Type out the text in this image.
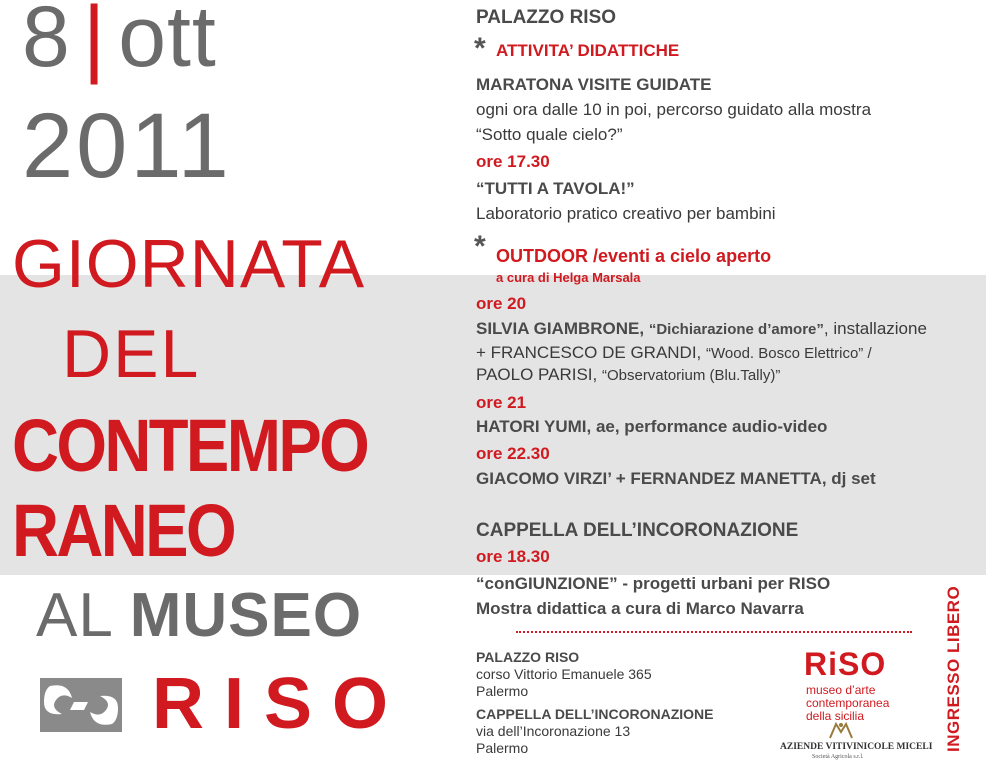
8 | ott
2011
GIORNATA
DEL
CONTEMPO
RANEO
AL MUSEO
RISO
PALAZZO RISO
* ATTIVITA’ DIDATTICHE
MARATONA VISITE GUIDATE
ogni ora dalle 10 in poi, percorso guidato alla mostra
“Sotto quale cielo?”
ore 17.30
“TUTTI A TAVOLA!”
Laboratorio pratico creativo per bambini
* OUTDOOR /eventi a cielo aperto
a cura di Helga Marsala
ore 20
SILVIA GIAMBRONE, “Dichiarazione d’amore”, installazione
+ FRANCESCO DE GRANDI, “Wood. Bosco Elettrico” /
PAOLO PARISI, “Observatorium (Blu.Tally)”
ore 21
HATORI YUMI, ae, performance audio-video
ore 22.30
GIACOMO VIRZI’ + FERNANDEZ MANETTA, dj set
CAPPELLA DELL’INCORONAZIONE
ore 18.30
“conGIUNZIONE” - progetti urbani per RISO
Mostra didattica a cura di Marco Navarra
PALAZZO RISO
corso Vittorio Emanuele 365
Palermo
CAPPELLA DELL’INCORONAZIONE
via dell’Incoronazione 13
Palermo
RiSO
museo d’arte
contemporanea
della sicilia
AZIENDE VITIVINICOLE MICELI
Società Agricola s.r.l.
INGRESSO LIBERO
